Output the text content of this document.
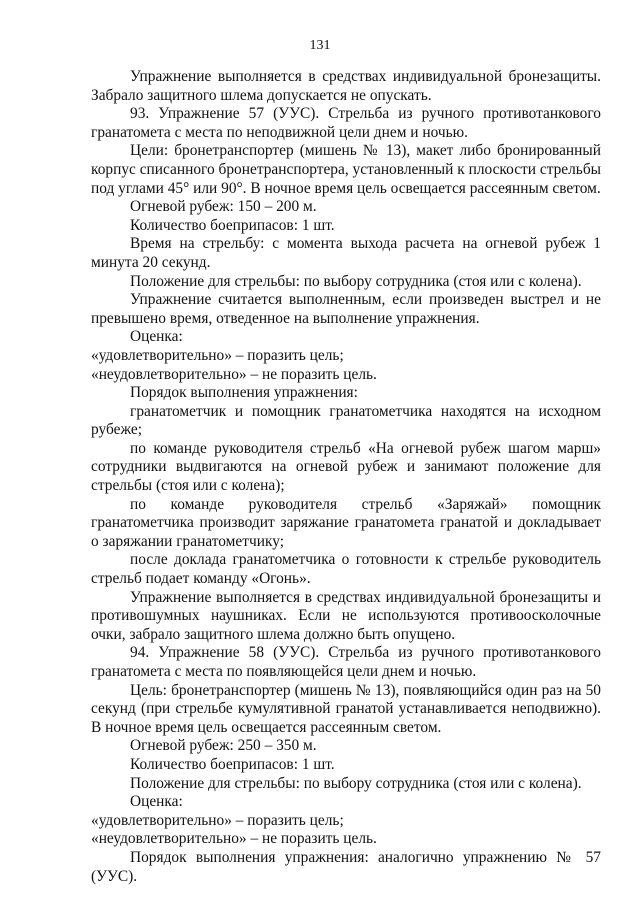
131

Упражнение выполняется в средствах индивидуальной бронезащиты. Забрало защитного шлема допускается не опускать.

93. Упражнение 57 (УУС). Стрельба из ручного противотанкового гранатомета с места по неподвижной цели днем и ночью.

Цели: бронетранспортер (мишень № 13), макет либо бронированный корпус списанного бронетранспортера, установленный к плоскости стрельбы под углами 45° или 90°. В ночное время цель освещается рассеянным светом.

Огневой рубеж: 150 – 200 м.

Количество боеприпасов: 1 шт.

Время на стрельбу: с момента выхода расчета на огневой рубеж 1 минута 20 секунд.

Положение для стрельбы: по выбору сотрудника (стоя или с колена).

Упражнение считается выполненным, если произведен выстрел и не превышено время, отведенное на выполнение упражнения.

Оценка:

«удовлетворительно» – поразить цель;

«неудовлетворительно» – не поразить цель.

Порядок выполнения упражнения:

гранатометчик и помощник гранатометчика находятся на исходном рубеже;

по команде руководителя стрельб «На огневой рубеж шагом марш» сотрудники выдвигаются на огневой рубеж и занимают положение для стрельбы (стоя или с колена);

по команде руководителя стрельб «Заряжай» помощник гранатометчика производит заряжание гранатомета гранатой и докладывает о заряжании гранатометчику;

после доклада гранатометчика о готовности к стрельбе руководитель стрельб подает команду «Огонь».

Упражнение выполняется в средствах индивидуальной бронезащиты и противошумных наушниках. Если не используются противоосколочные очки, забрало защитного шлема должно быть опущено.

94. Упражнение 58 (УУС). Стрельба из ручного противотанкового гранатомета с места по появляющейся цели днем и ночью.

Цель: бронетранспортер (мишень № 13), появляющийся один раз на 50 секунд (при стрельбе кумулятивной гранатой устанавливается неподвижно). В ночное время цель освещается рассеянным светом.

Огневой рубеж: 250 – 350 м.

Количество боеприпасов: 1 шт.

Положение для стрельбы: по выбору сотрудника (стоя или с колена).

Оценка:

«удовлетворительно» – поразить цель;

«неудовлетворительно» – не поразить цель.

Порядок выполнения упражнения: аналогично упражнению № 57 (УУС).
